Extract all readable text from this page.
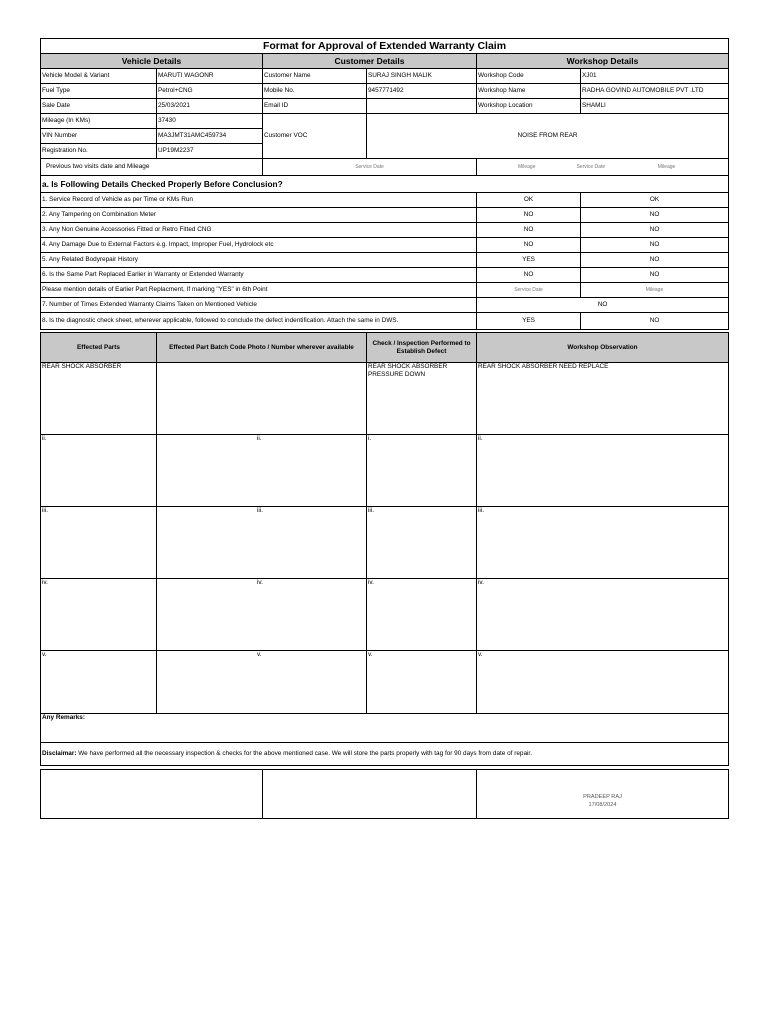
Format for Approval of Extended Warranty Claim					
Vehicle Details		Customer Details		Workshop Details	
Vehicle Model & Variant	MARUTI WAGONR	Customer Name	SURAJ SINGH MALIK	Workshop Code	XJ01
Fuel Type	Petrol+CNG	Mobile No.	9457771492	Workshop Name	RADHA GOVIND AUTOMOBILE PVT .LTD
Sale Date	25/03/2021	Email ID		Workshop Location	SHAMLI
Mileage (In KMs)	37430	Customer VOC	NOISE FROM REAR		
VIN Number	MA3JMT31AMC459734				
Registration No.	UP19M2237				
Previous two visits date and Mileage		Service Date		Mileage Service Date Mileage	

a. Is Following Details Checked Properly Before Conclusion?					
1. Service Record of Vehicle as per Time or KMs Run				OK	OK
2. Any Tampering on Combination Meter				NO	NO
3. Any Non Genuine Accessories Fitted or Retro Fitted CNG				NO	NO
4. Any Damage Due to External Factors e.g. Impact, Improper Fuel, Hydrolock etc				NO	NO
5. Any Related Bodyrepair History				YES	NO
6. Is the Same Part Replaced Earlier in Warranty or Extended Warranty				NO	NO
Please mention details of Earlier Part Replacment, If marking "YES" in 6th Point				Service Date	Mileage
7. Number of Times Extended Warranty Claims Taken on Mentioned Vehicle				NO	
8. Is the diagnostic check sheet, wherever applicable, followed to conclude the defect indentification. Attach the same in DWS.				YES	NO
Effected Parts	Effected Part Batch Code Photo / Number wherever available	Check / Inspection Performed to Establish Defect	Workshop Observation
REAR SHOCK ABSORBER		REAR SHOCK ABSORBER PRESSURE DOWN	REAR SHOCK ABSORBER NEED REPLACE
ii.	ii.	i.	ii.
iii.	iii.	iii.	iii.
iv.	iv.	iv.	iv.
v.	v.	v.	v.
Any Remarks:			
Disclaimar: We have performed all the necessary inspection & checks for the above mentioned case. We will store the parts properly with tag for 90 days from date of repair.			

PRADEEP RAJ
17/08/2024
